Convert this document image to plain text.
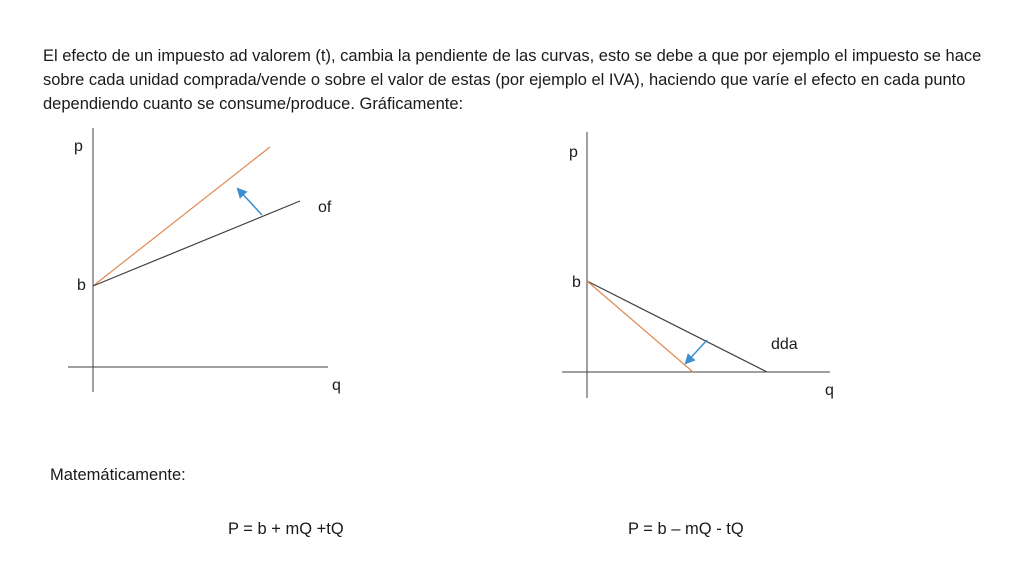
El efecto de un impuesto ad valorem (t), cambia la pendiente de las curvas, esto se debe a que por ejemplo el impuesto se hace sobre cada unidad comprada/vende o sobre el valor de estas (por ejemplo el IVA), haciendo que varíe el efecto en cada punto dependiendo cuanto se consume/produce. Gráficamente:

p
q
b
of
p
q
b
dda

Matemáticamente:

P = b + mQ +tQ	P = b – mQ - tQ
